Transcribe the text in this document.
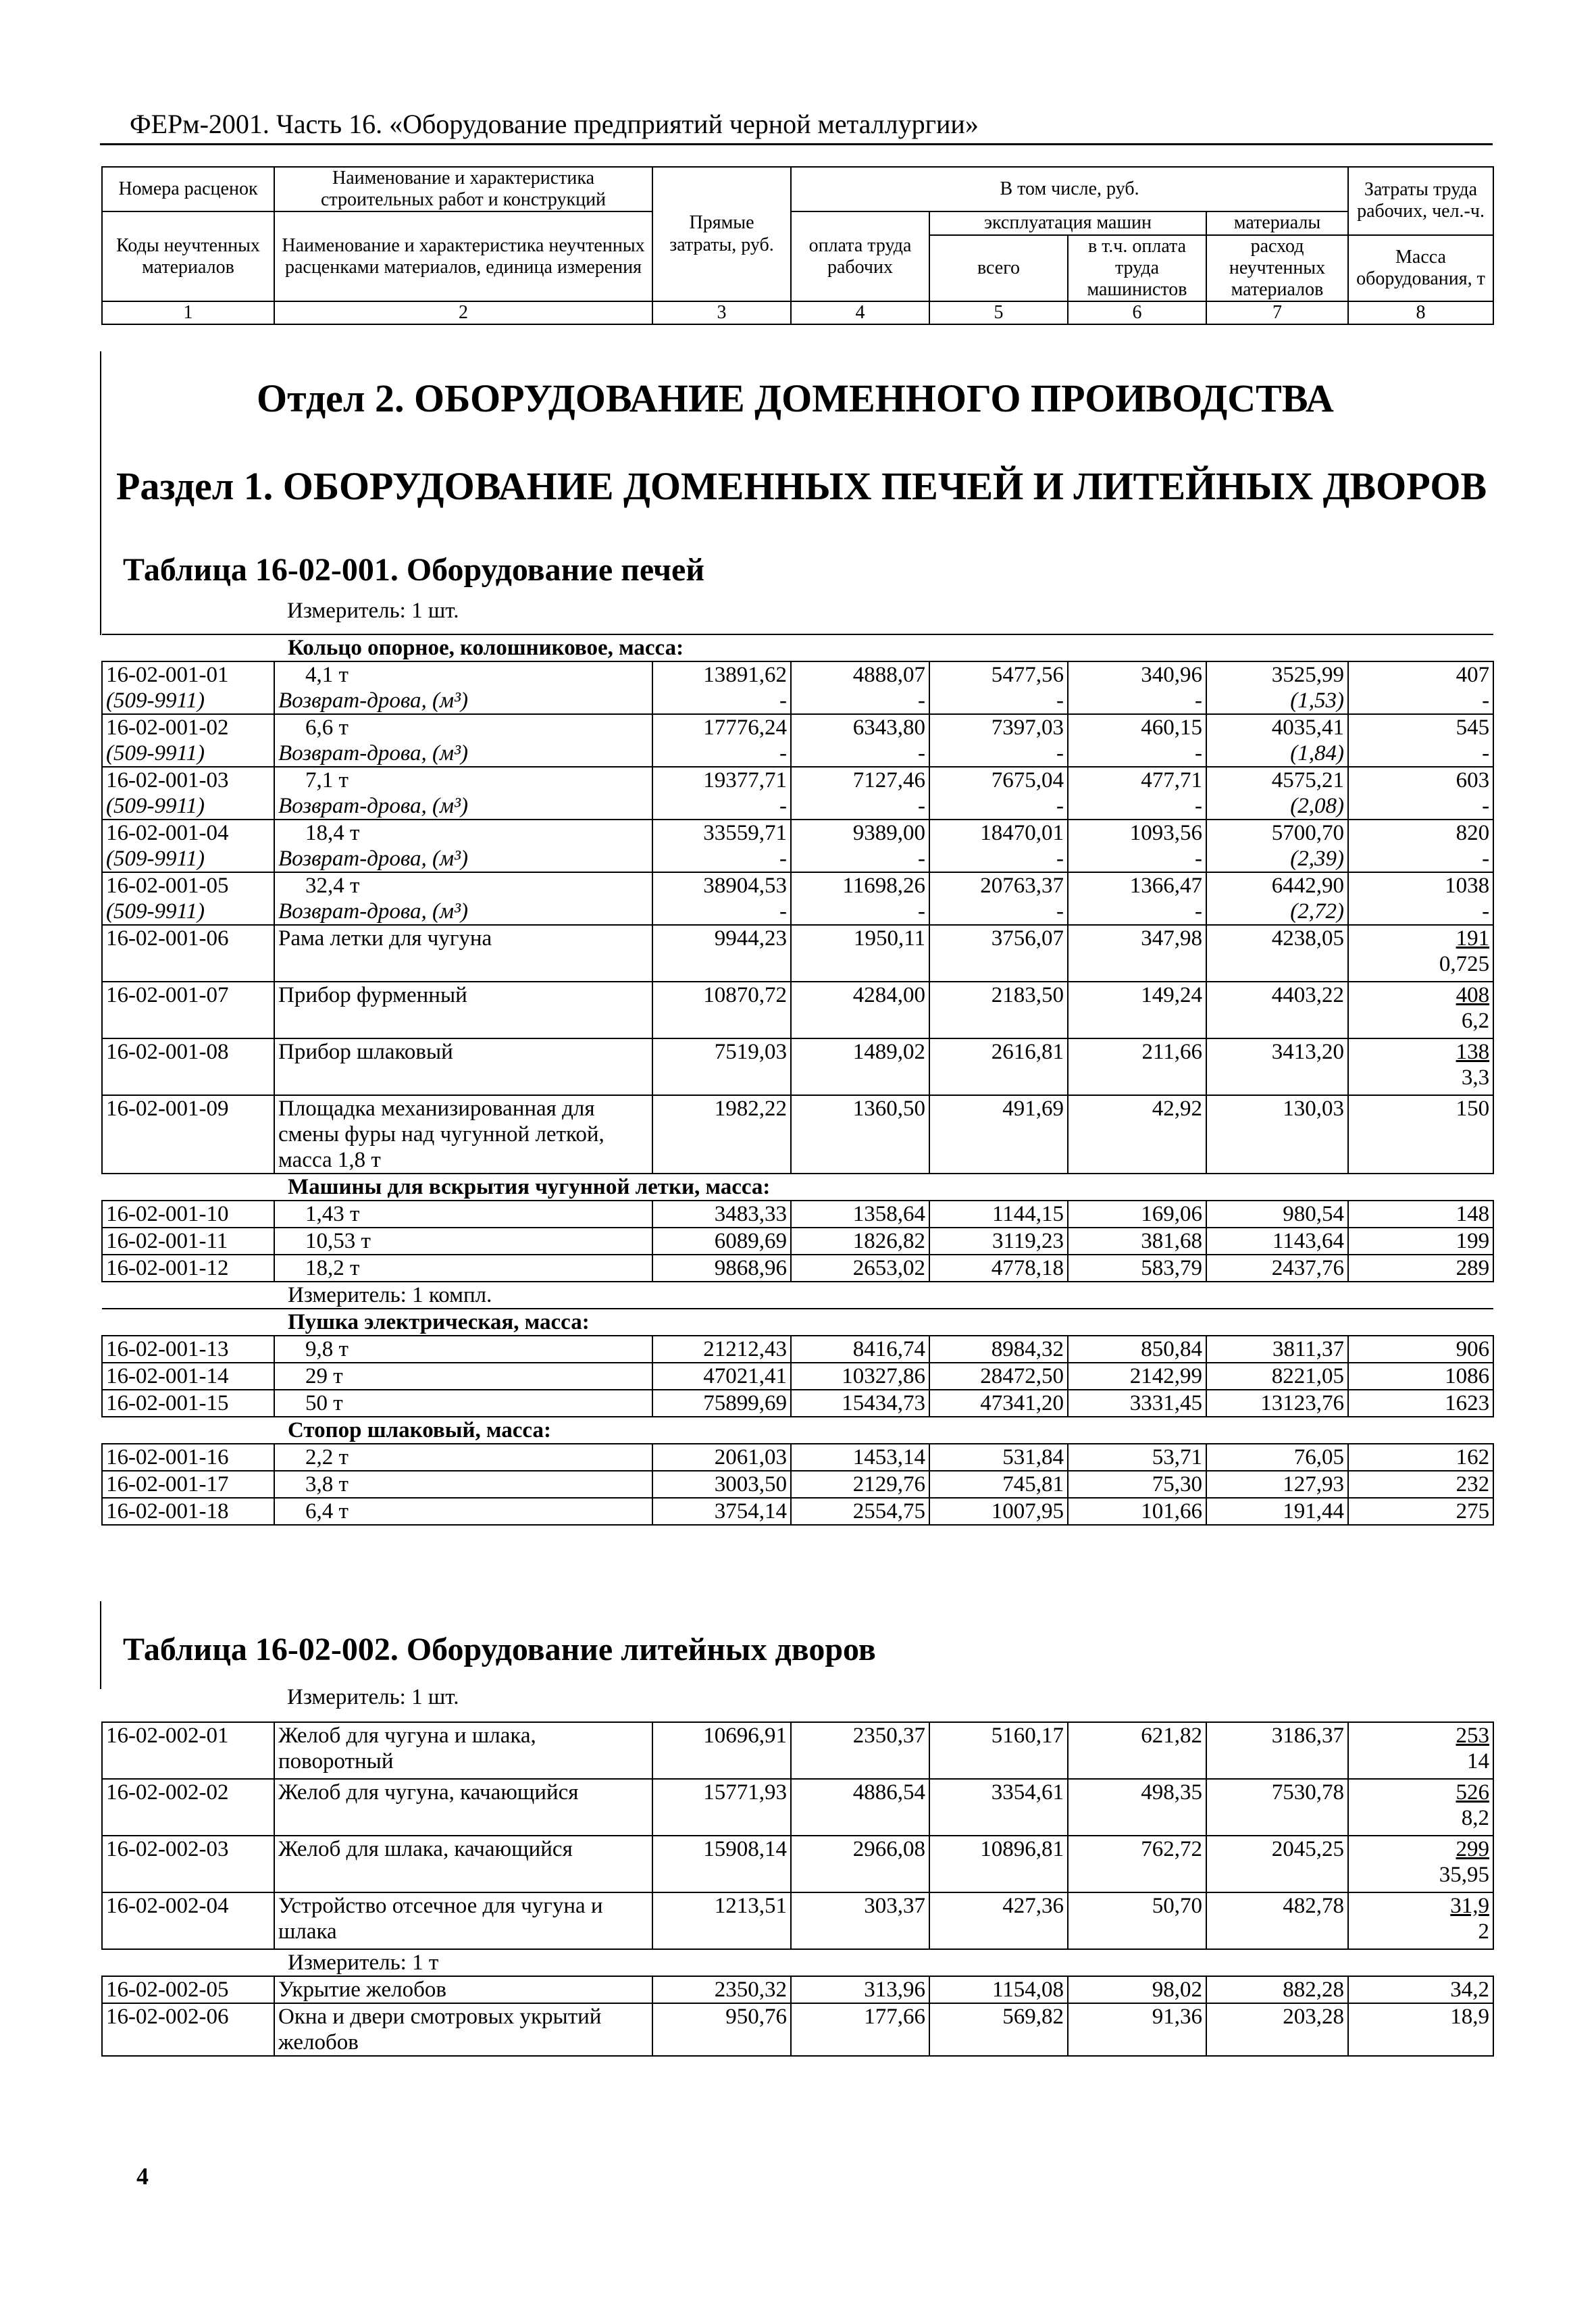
ФЕРм-2001. Часть 16. «Оборудование предприятий черной металлургии»
Номера расценок	Наименование и характеристика строительных работ и конструкций	Прямые затраты, руб.	В том числе, руб.				Затраты труда рабочих, чел.-ч.
Коды неучтенных материалов	Наименование и характеристика неучтенных расценками материалов, единица измерения		оплата труда рабочих	эксплуатация машин		материалы	
				всего	в т.ч. оплата труда машинистов	расход неучтенных материалов	Масса оборудования, т
1	2	3	4	5	6	7	8
Отдел 2. ОБОРУДОВАНИЕ ДОМЕННОГО ПРОИВОДСТВА
Раздел 1. ОБОРУДОВАНИЕ ДОМЕННЫХ ПЕЧЕЙ И ЛИТЕЙНЫХ ДВОРОВ
Таблица 16-02-001. Оборудование печей
Измеритель: 1 шт.
Кольцо опорное, колошниковое, масса:							
16-02-001-01	4,1 т	13891,62	4888,07	5477,56	340,96	3525,99	407
(509-9911)	Возврат-дрова, (м³)	-	-	-	-	(1,53)	-
16-02-001-02	6,6 т	17776,24	6343,80	7397,03	460,15	4035,41	545
(509-9911)	Возврат-дрова, (м³)	-	-	-	-	(1,84)	-
16-02-001-03	7,1 т	19377,71	7127,46	7675,04	477,71	4575,21	603
(509-9911)	Возврат-дрова, (м³)	-	-	-	-	(2,08)	-
16-02-001-04	18,4 т	33559,71	9389,00	18470,01	1093,56	5700,70	820
(509-9911)	Возврат-дрова, (м³)	-	-	-	-	(2,39)	-
16-02-001-05	32,4 т	38904,53	11698,26	20763,37	1366,47	6442,90	1038
(509-9911)	Возврат-дрова, (м³)	-	-	-	-	(2,72)	-
16-02-001-06	Рама летки для чугуна	9944,23	1950,11	3756,07	347,98	4238,05	191
0,725

16-02-001-07	Прибор фурменный	10870,72	4284,00	2183,50	149,24	4403,22	408
6,2

16-02-001-08	Прибор шлаковый	7519,03	1489,02	2616,81	211,66	3413,20	138
3,3

16-02-001-09	Площадка механизированная для смены фуры над чугунной леткой, масса 1,8 т	1982,22	1360,50	491,69	42,92	130,03	150
Машины для вскрытия чугунной летки, масса:							
16-02-001-10	1,43 т	3483,33	1358,64	1144,15	169,06	980,54	148
16-02-001-11	10,53 т	6089,69	1826,82	3119,23	381,68	1143,64	199
16-02-001-12	18,2 т	9868,96	2653,02	4778,18	583,79	2437,76	289
Измеритель: 1 компл.							
Пушка электрическая, масса:							
16-02-001-13	9,8 т	21212,43	8416,74	8984,32	850,84	3811,37	906
16-02-001-14	29 т	47021,41	10327,86	28472,50	2142,99	8221,05	1086
16-02-001-15	50 т	75899,69	15434,73	47341,20	3331,45	13123,76	1623
Стопор шлаковый, масса:							
16-02-001-16	2,2 т	2061,03	1453,14	531,84	53,71	76,05	162
16-02-001-17	3,8 т	3003,50	2129,76	745,81	75,30	127,93	232
16-02-001-18	6,4 т	3754,14	2554,75	1007,95	101,66	191,44	275
Таблица 16-02-002. Оборудование литейных дворов
Измеритель: 1 шт.
16-02-002-01	Желоб для чугуна и шлака, поворотный	10696,91	2350,37	5160,17	621,82	3186,37	253
14

16-02-002-02	Желоб для чугуна, качающийся	15771,93	4886,54	3354,61	498,35	7530,78	526
8,2

16-02-002-03	Желоб для шлака, качающийся	15908,14	2966,08	10896,81	762,72	2045,25	299
35,95

16-02-002-04	Устройство отсечное для чугуна и шлака	1213,51	303,37	427,36	50,70	482,78	31,9
2

Измеритель: 1 т							
16-02-002-05	Укрытие желобов	2350,32	313,96	1154,08	98,02	882,28	34,2
16-02-002-06	Окна и двери смотровых укрытий желобов	950,76	177,66	569,82	91,36	203,28	18,9
4
